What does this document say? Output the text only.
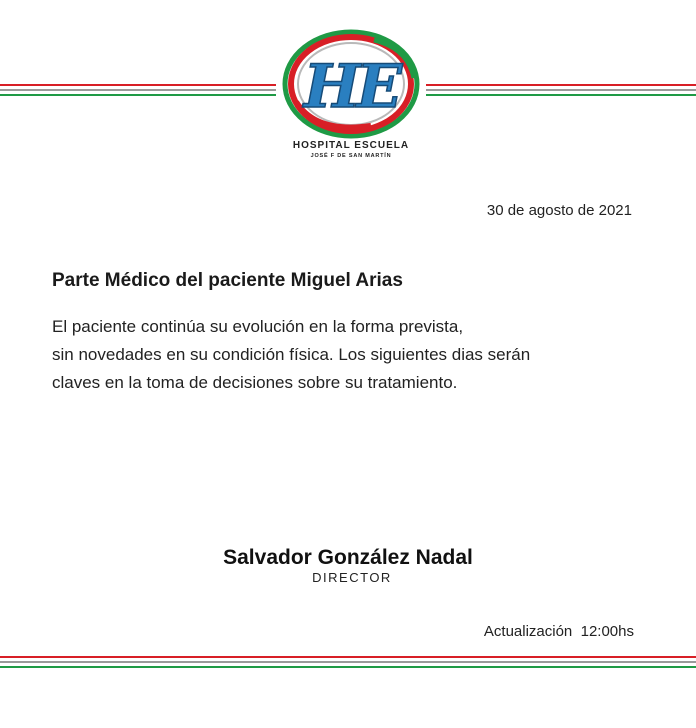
HE
HOSPITAL ESCUELA
JOSÉ F DE SAN MARTÍN
30 de agosto de 2021
Parte Médico del paciente Miguel Arias
El paciente continúa su evolución en la forma prevista,
sin novedades en su condición física. Los siguientes dias serán
claves en la toma de decisiones sobre su tratamiento.
Salvador González Nadal
DIRECTOR
Actualización  12:00hs
